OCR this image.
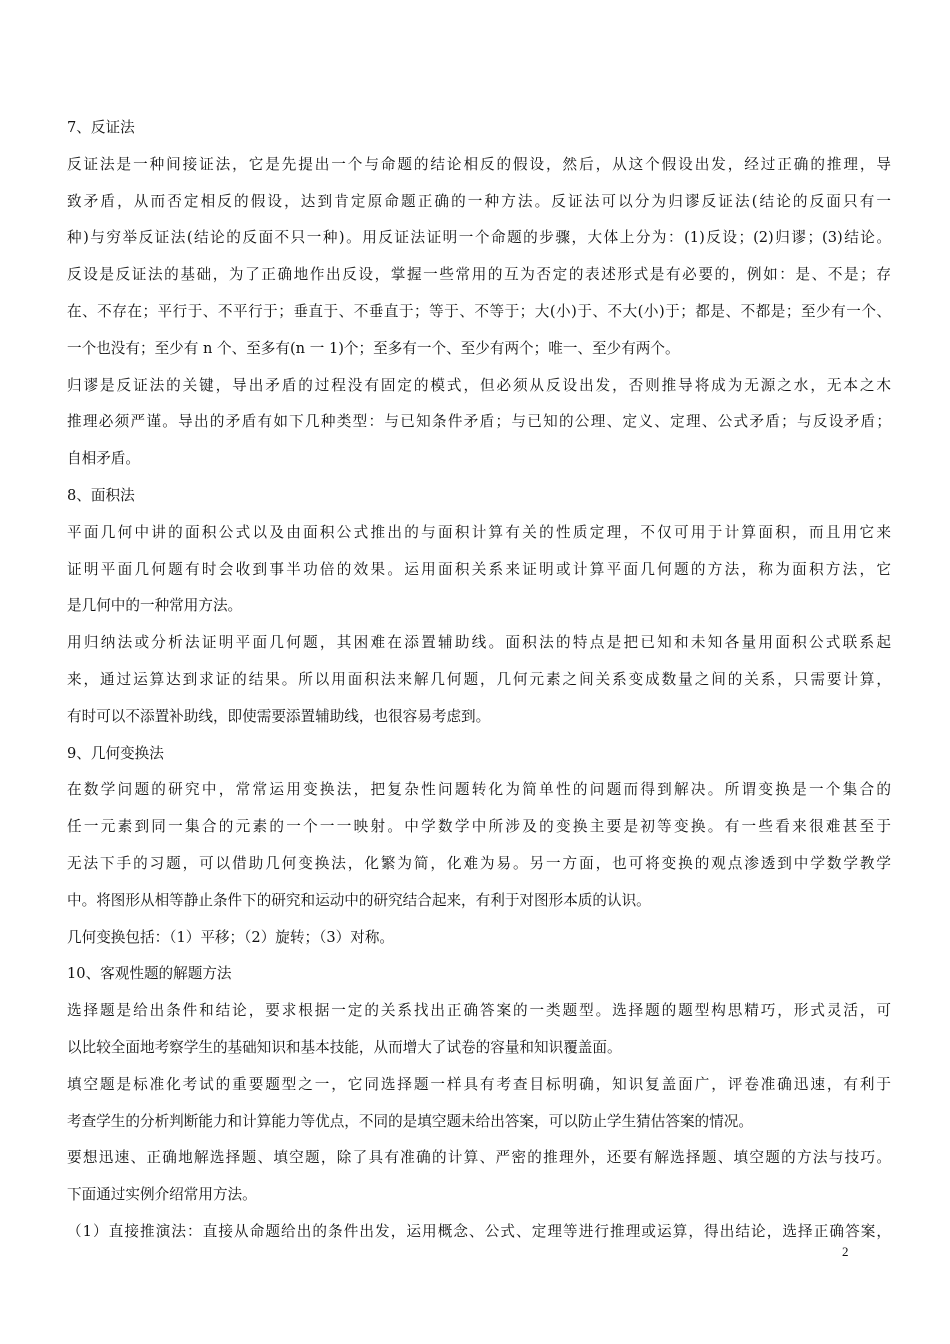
7、反证法
反证法是一种间接证法，它是先提出一个与命题的结论相反的假设，然后，从这个假设出发，经过正确的推理，导
致矛盾，从而否定相反的假设，达到肯定原命题正确的一种方法。反证法可以分为归谬反证法(结论的反面只有一
种)与穷举反证法(结论的反面不只一种)。用反证法证明一个命题的步骤，大体上分为：(1)反设；(2)归谬；(3)结论。
反设是反证法的基础，为了正确地作出反设，掌握一些常用的互为否定的表述形式是有必要的，例如：是、不是；存
在、不存在；平行于、不平行于；垂直于、不垂直于；等于、不等于；大(小)于、不大(小)于；都是、不都是；至少有一个、
一个也没有；至少有 n 个、至多有(n 一 1)个；至多有一个、至少有两个；唯一、至少有两个。
归谬是反证法的关键，导出矛盾的过程没有固定的模式，但必须从反设出发，否则推导将成为无源之水，无本之木
推理必须严谨。导出的矛盾有如下几种类型：与已知条件矛盾；与已知的公理、定义、定理、公式矛盾；与反设矛盾；
自相矛盾。
8、面积法
平面几何中讲的面积公式以及由面积公式推出的与面积计算有关的性质定理，不仅可用于计算面积，而且用它来
证明平面几何题有时会收到事半功倍的效果。运用面积关系来证明或计算平面几何题的方法，称为面积方法，它
是几何中的一种常用方法。
用归纳法或分析法证明平面几何题，其困难在添置辅助线。面积法的特点是把已知和未知各量用面积公式联系起
来，通过运算达到求证的结果。所以用面积法来解几何题，几何元素之间关系变成数量之间的关系，只需要计算，
有时可以不添置补助线，即使需要添置辅助线，也很容易考虑到。
9、几何变换法
在数学问题的研究中，常常运用变换法，把复杂性问题转化为简单性的问题而得到解决。所谓变换是一个集合的
任一元素到同一集合的元素的一个一一映射。中学数学中所涉及的变换主要是初等变换。有一些看来很难甚至于
无法下手的习题，可以借助几何变换法，化繁为简，化难为易。另一方面，也可将变换的观点渗透到中学数学教学
中。将图形从相等静止条件下的研究和运动中的研究结合起来，有利于对图形本质的认识。
几何变换包括：（1）平移；（2）旋转；（3）对称。
10、客观性题的解题方法
选择题是给出条件和结论，要求根据一定的关系找出正确答案的一类题型。选择题的题型构思精巧，形式灵活，可
以比较全面地考察学生的基础知识和基本技能，从而增大了试卷的容量和知识覆盖面。
填空题是标准化考试的重要题型之一，它同选择题一样具有考查目标明确，知识复盖面广，评卷准确迅速，有利于
考查学生的分析判断能力和计算能力等优点，不同的是填空题未给出答案，可以防止学生猜估答案的情况。
要想迅速、正确地解选择题、填空题，除了具有准确的计算、严密的推理外，还要有解选择题、填空题的方法与技巧。
下面通过实例介绍常用方法。
（1）直接推演法：直接从命题给出的条件出发，运用概念、公式、定理等进行推理或运算，得出结论，选择正确答案，
2
